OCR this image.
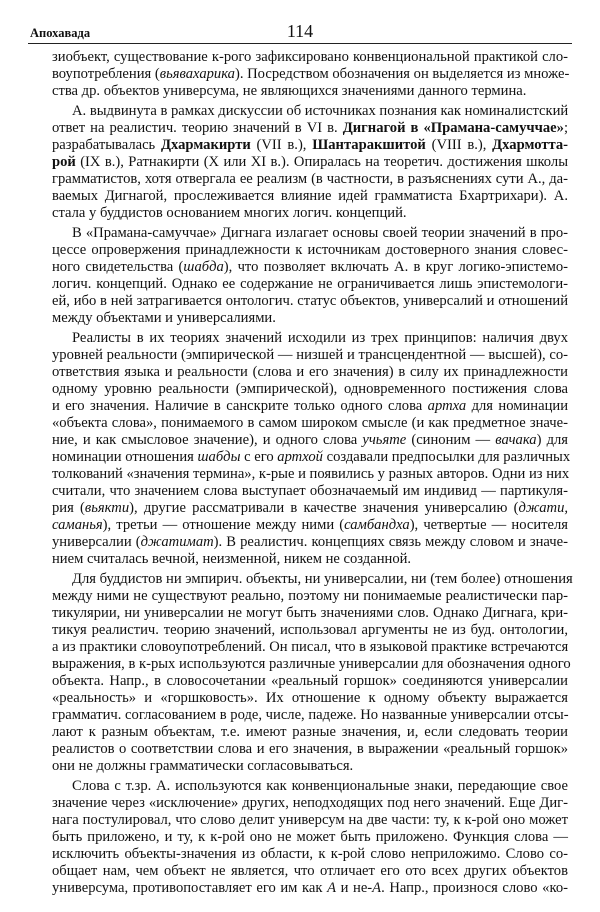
Апохавада	114
зиобъект, существование к-рого зафиксировано конвенциональной практикой сло-
воупотребления (вьявахарика). Посредством обозначения он выделяется из множе-
ства др. объектов универсума, не являющихся значениями данного термина.
А. выдвинута в рамках дискуссии об источниках познания как номиналистский
ответ на реалистич. теорию значений в VI в. Дигнагой в «Прамана-самуччае»;
разрабатывалась Дхармакирти (VII в.), Шантаракшитой (VIII в.), Дхармотта-
рой (IX в.), Ратнакирти (X или XI в.). Опиралась на теоретич. достижения школы
грамматистов, хотя отвергала ее реализм (в частности, в разъяснениях сути А., да-
ваемых Дигнагой, прослеживается влияние идей грамматиста Бхартрихари). А.
стала у буддистов основанием многих логич. концепций.
В «Прамана-самуччае» Дигнага излагает основы своей теории значений в про-
цессе опровержения принадлежности к источникам достоверного знания словес-
ного свидетельства (шабда), что позволяет включать А. в круг логико-эпистемо-
логич. концепций. Однако ее содержание не ограничивается лишь эпистемологи-
ей, ибо в ней затрагивается онтологич. статус объектов, универсалий и отношений
между объектами и универсалиями.
Реалисты в их теориях значений исходили из трех принципов: наличия двух
уровней реальности (эмпирической — низшей и трансцендентной — высшей), со-
ответствия языка и реальности (слова и его значения) в силу их принадлежности
одному уровню реальности (эмпирической), одновременного постижения слова
и его значения. Наличие в санскрите только одного слова артха для номинации
«объекта слова», понимаемого в самом широком смысле (и как предметное значе-
ние, и как смысловое значение), и одного слова учьяте (синоним — вачака) для
номинации отношения шабды с его артхой создавали предпосылки для различных
толкований «значения термина», к-рые и появились у разных авторов. Одни из них
считали, что значением слова выступает обозначаемый им индивид — партикуля-
рия (вьякти), другие рассматривали в качестве значения универсалию (джати,
саманья), третьи — отношение между ними (самбандха), четвертые — носителя
универсалии (джатимат). В реалистич. концепциях связь между словом и значе-
нием считалась вечной, неизменной, никем не созданной.
Для буддистов ни эмпирич. объекты, ни универсалии, ни (тем более) отношения
между ними не существуют реально, поэтому ни понимаемые реалистически пар-
тикулярии, ни универсалии не могут быть значениями слов. Однако Дигнага, кри-
тикуя реалистич. теорию значений, использовал аргументы не из буд. онтологии,
а из практики словоупотреблений. Он писал, что в языковой практике встречаются
выражения, в к-рых используются различные универсалии для обозначения одного
объекта. Напр., в словосочетании «реальный горшок» соединяются универсалии
«реальность» и «горшковость». Их отношение к одному объекту выражается
грамматич. согласованием в роде, числе, падеже. Но названные универсалии отсы-
лают к разным объектам, т.е. имеют разные значения, и, если следовать теории
реалистов о соответствии слова и его значения, в выражении «реальный горшок»
они не должны грамматически согласовываться.
Слова с т.зр. А. используются как конвенциональные знаки, передающие свое
значение через «исключение» других, неподходящих под него значений. Еще Диг-
нага постулировал, что слово делит универсум на две части: ту, к к-рой оно может
быть приложено, и ту, к к-рой оно не может быть приложено. Функция слова —
исключить объекты-значения из области, к к-рой слово неприложимо. Слово со-
общает нам, чем объект не является, что отличает его ото всех других объектов
универсума, противопоставляет его им как А и не-А. Напр., произнося слово «ко-
